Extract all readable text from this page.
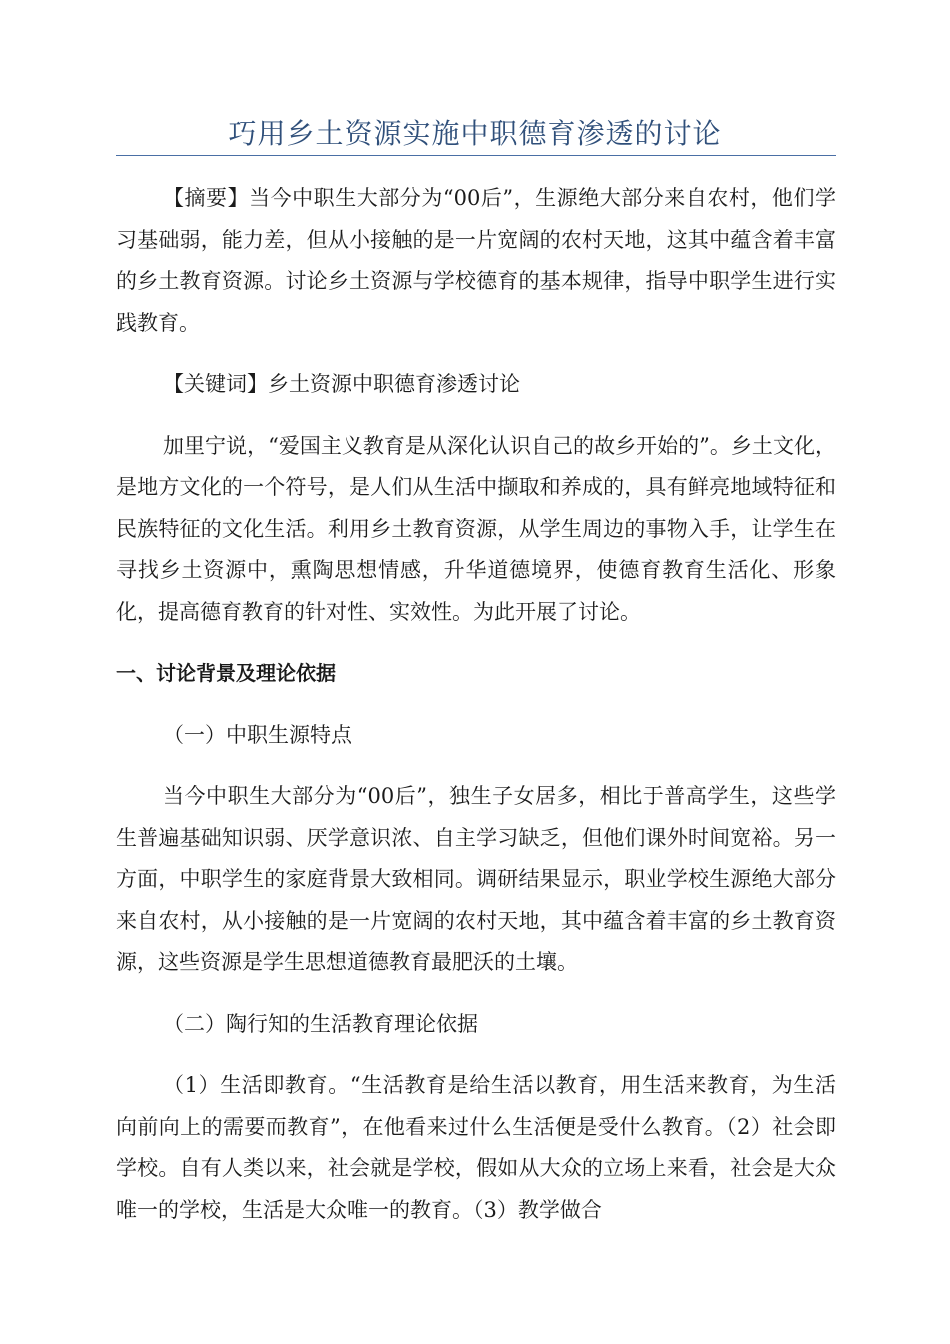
巧用乡土资源实施中职德育渗透的讨论

【摘要】当今中职生大部分为“00后”，生源绝大部分来自农村，他们学习基础弱，能力差，但从小接触的是一片宽阔的农村天地，这其中蕴含着丰富的乡土教育资源。讨论乡土资源与学校德育的基本规律，指导中职学生进行实践教育。

【关键词】乡土资源中职德育渗透讨论

加里宁说，“爱国主义教育是从深化认识自己的故乡开始的”。乡土文化，是地方文化的一个符号，是人们从生活中撷取和养成的，具有鲜亮地域特征和民族特征的文化生活。利用乡土教育资源，从学生周边的事物入手，让学生在寻找乡土资源中，熏陶思想情感，升华道德境界，使德育教育生活化、形象化，提高德育教育的针对性、实效性。为此开展了讨论。

一、讨论背景及理论依据

（一）中职生源特点

当今中职生大部分为“00后”，独生子女居多，相比于普高学生，这些学生普遍基础知识弱、厌学意识浓、自主学习缺乏，但他们课外时间宽裕。另一方面，中职学生的家庭背景大致相同。调研结果显示，职业学校生源绝大部分来自农村，从小接触的是一片宽阔的农村天地，其中蕴含着丰富的乡土教育资源，这些资源是学生思想道德教育最肥沃的土壤。

（二）陶行知的生活教育理论依据

（1）生活即教育。“生活教育是给生活以教育，用生活来教育，为生活向前向上的需要而教育”，在他看来过什么生活便是受什么教育。（2）社会即学校。自有人类以来，社会就是学校，假如从大众的立场上来看，社会是大众唯一的学校，生活是大众唯一的教育。（3）教学做合
